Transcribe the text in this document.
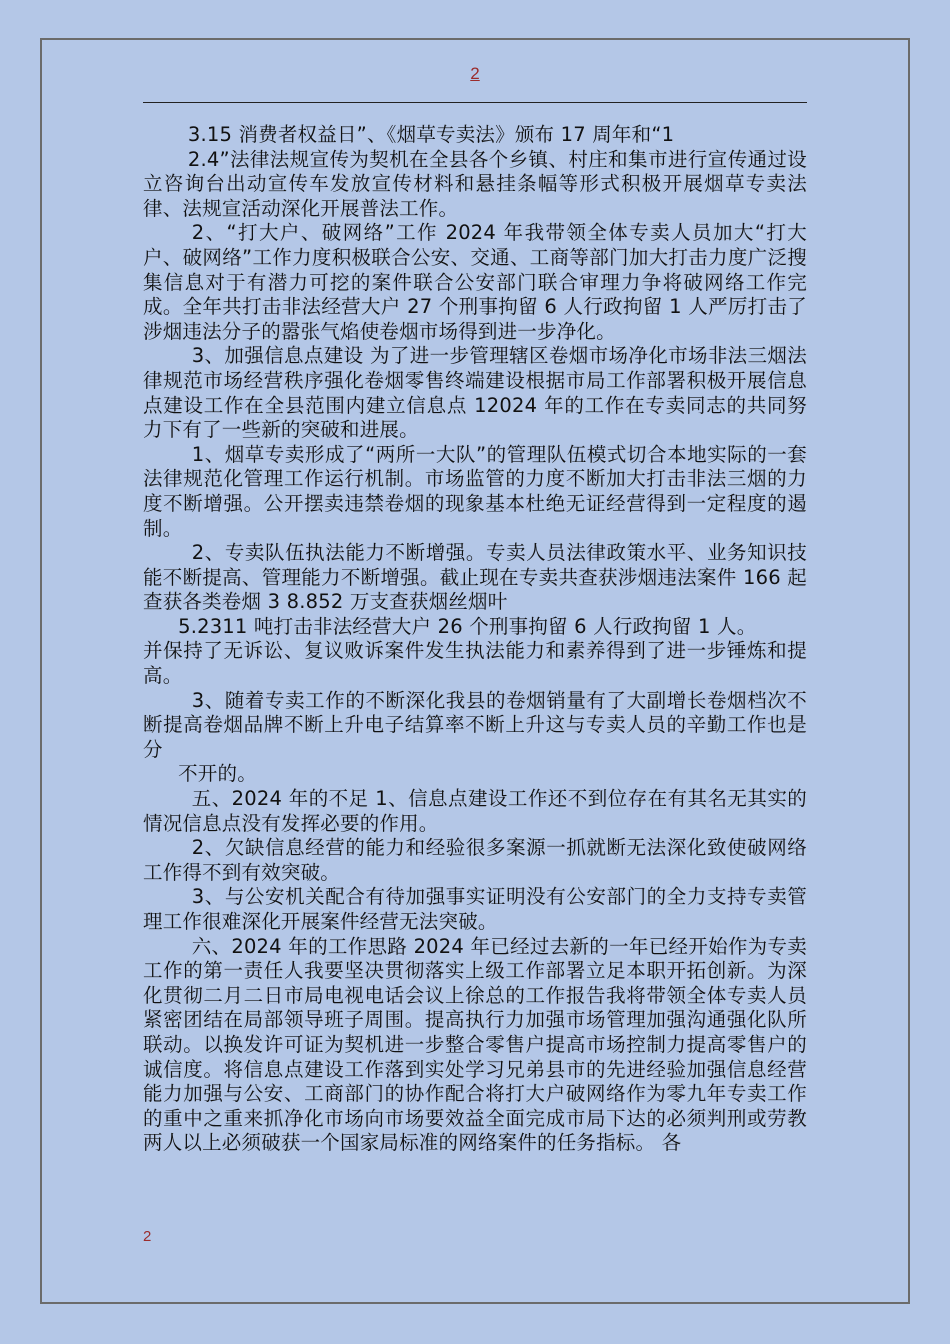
2

3.15 消费者权益日”、《烟草专卖法》颁布 17 周年和“1

2.4”法律法规宣传为契机在全县各个乡镇、村庄和集市进行宣传通过设立咨询台出动宣传车发放宣传材料和悬挂条幅等形式积极开展烟草专卖法律、法规宣活动深化开展普法工作。

2、“打大户、破网络”工作 2024 年我带领全体专卖人员加大“打大户、破网络”工作力度积极联合公安、交通、工商等部门加大打击力度广泛搜集信息对于有潜力可挖的案件联合公安部门联合审理力争将破网络工作完成。全年共打击非法经营大户 27 个刑事拘留 6 人行政拘留 1 人严厉打击了涉烟违法分子的嚣张气焰使卷烟市场得到进一步净化。

3、加强信息点建设 为了进一步管理辖区卷烟市场净化市场非法三烟法律规范市场经营秩序强化卷烟零售终端建设根据市局工作部署积极开展信息点建设工作在全县范围内建立信息点 12024 年的工作在专卖同志的共同努力下有了一些新的突破和进展。

1、烟草专卖形成了“两所一大队”的管理队伍模式切合本地实际的一套法律规范化管理工作运行机制。市场监管的力度不断加大打击非法三烟的力度不断增强。公开摆卖违禁卷烟的现象基本杜绝无证经营得到一定程度的遏制。

2、专卖队伍执法能力不断增强。专卖人员法律政策水平、业务知识技能不断提高、管理能力不断增强。截止现在专卖共查获涉烟违法案件 166 起查获各类卷烟 3 8.852 万支查获烟丝烟叶

5.2311 吨打击非法经营大户 26 个刑事拘留 6 人行政拘留 1 人。

并保持了无诉讼、复议败诉案件发生执法能力和素养得到了进一步锤炼和提高。

3、随着专卖工作的不断深化我县的卷烟销量有了大副增长卷烟档次不断提高卷烟品牌不断上升电子结算率不断上升这与专卖人员的辛勤工作也是分

不开的。

五、2024 年的不足 1、信息点建设工作还不到位存在有其名无其实的情况信息点没有发挥必要的作用。

2、欠缺信息经营的能力和经验很多案源一抓就断无法深化致使破网络工作得不到有效突破。

3、与公安机关配合有待加强事实证明没有公安部门的全力支持专卖管理工作很难深化开展案件经营无法突破。

六、2024 年的工作思路 2024 年已经过去新的一年已经开始作为专卖工作的第一责任人我要坚决贯彻落实上级工作部署立足本职开拓创新。为深化贯彻二月二日市局电视电话会议上徐总的工作报告我将带领全体专卖人员紧密团结在局部领导班子周围。提高执行力加强市场管理加强沟通强化队所联动。以换发许可证为契机进一步整合零售户提高市场控制力提高零售户的诚信度。将信息点建设工作落到实处学习兄弟县市的先进经验加强信息经营能力加强与公安、工商部门的协作配合将打大户破网络作为零九年专卖工作的重中之重来抓净化市场向市场要效益全面完成市局下达的必须判刑或劳教两人以上必须破获一个国家局标准的网络案件的任务指标。 各

2
